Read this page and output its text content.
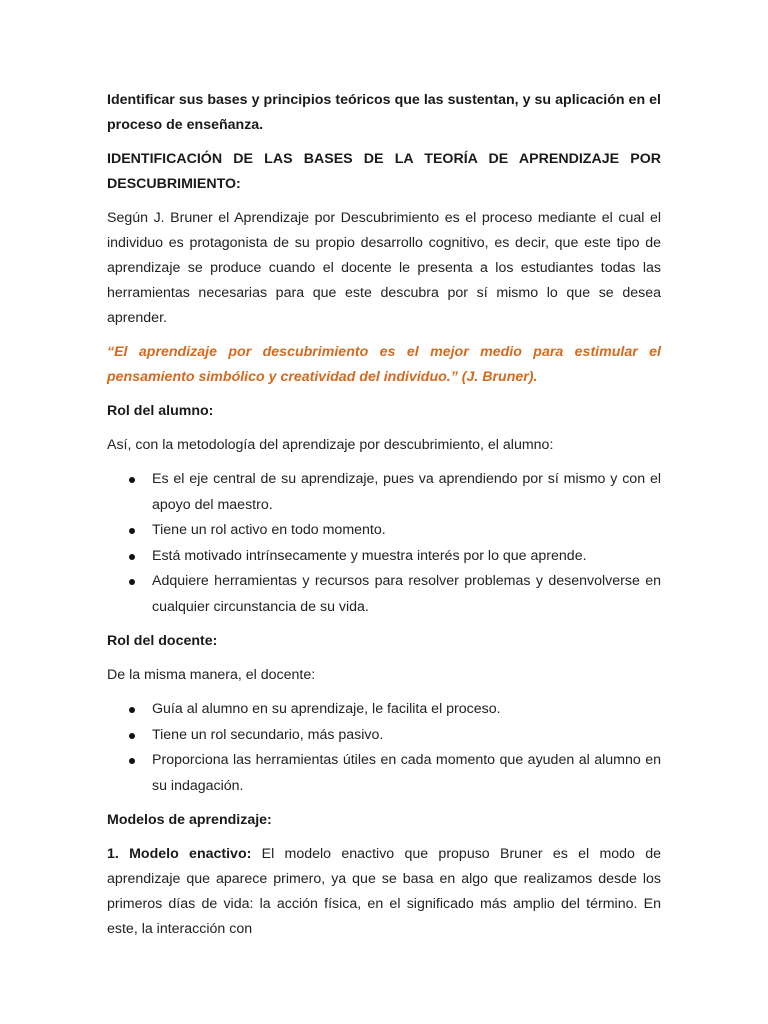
Identificar sus bases y principios teóricos que las sustentan, y su aplicación en el proceso de enseñanza.

IDENTIFICACIÓN DE LAS BASES DE LA TEORÍA DE APRENDIZAJE POR DESCUBRIMIENTO:

Según J. Bruner el Aprendizaje por Descubrimiento es el proceso mediante el cual el individuo es protagonista de su propio desarrollo cognitivo, es decir, que este tipo de aprendizaje se produce cuando el docente le presenta a los estudiantes todas las herramientas necesarias para que este descubra por sí mismo lo que se desea aprender.

“El aprendizaje por descubrimiento es el mejor medio para estimular el pensamiento simbólico y creatividad del individuo.” (J. Bruner).

Rol del alumno:

Así, con la metodología del aprendizaje por descubrimiento, el alumno:

Es el eje central de su aprendizaje, pues va aprendiendo por sí mismo y con el apoyo del maestro.
Tiene un rol activo en todo momento.
Está motivado intrínsecamente y muestra interés por lo que aprende.
Adquiere herramientas y recursos para resolver problemas y desenvolverse en cualquier circunstancia de su vida.

Rol del docente:

De la misma manera, el docente:

Guía al alumno en su aprendizaje, le facilita el proceso.
Tiene un rol secundario, más pasivo.
Proporciona las herramientas útiles en cada momento que ayuden al alumno en su indagación.

Modelos de aprendizaje:

1. Modelo enactivo: El modelo enactivo que propuso Bruner es el modo de aprendizaje que aparece primero, ya que se basa en algo que realizamos desde los primeros días de vida: la acción física, en el significado más amplio del término. En este, la interacción con
